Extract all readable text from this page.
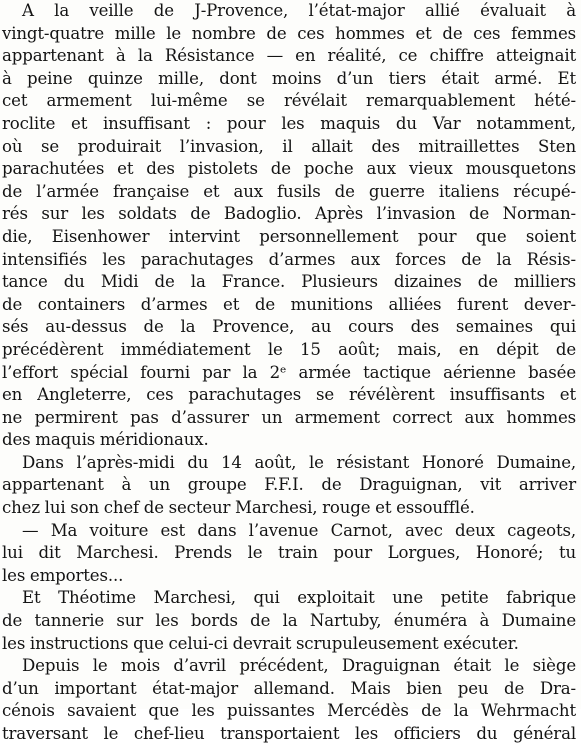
A la veille de J-Provence, l’état-major allié évaluait à
vingt-quatre mille le nombre de ces hommes et de ces femmes
appartenant à la Résistance — en réalité, ce chiffre atteignait
à peine quinze mille, dont moins d’un tiers était armé. Et
cet armement lui-même se révélait remarquablement hété-
roclite et insuffisant : pour les maquis du Var notamment,
où se produirait l’invasion, il allait des mitraillettes Sten
parachutées et des pistolets de poche aux vieux mousquetons
de l’armée française et aux fusils de guerre italiens récupé-
rés sur les soldats de Badoglio. Après l’invasion de Norman-
die, Eisenhower intervint personnellement pour que soient
intensifiés les parachutages d’armes aux forces de la Résis-
tance du Midi de la France. Plusieurs dizaines de milliers
de containers d’armes et de munitions alliées furent dever-
sés au-dessus de la Provence, au cours des semaines qui
précédèrent immédiatement le 15 août; mais, en dépit de
l’effort spécial fourni par la 2ᵉ armée tactique aérienne basée
en Angleterre, ces parachutages se révélèrent insuffisants et
ne permirent pas d’assurer un armement correct aux hommes
des maquis méridionaux.
Dans l’après-midi du 14 août, le résistant Honoré Dumaine,
appartenant à un groupe F.F.I. de Draguignan, vit arriver
chez lui son chef de secteur Marchesi, rouge et essoufflé.
— Ma voiture est dans l’avenue Carnot, avec deux cageots,
lui dit Marchesi. Prends le train pour Lorgues, Honoré; tu
les emportes...
Et Théotime Marchesi, qui exploitait une petite fabrique
de tannerie sur les bords de la Nartuby, énuméra à Dumaine
les instructions que celui-ci devrait scrupuleusement exécuter.
Depuis le mois d’avril précédent, Draguignan était le siège
d’un important état-major allemand. Mais bien peu de Dra-
cénois savaient que les puissantes Mercédès de la Wehrmacht
traversant le chef-lieu transportaient les officiers du général
